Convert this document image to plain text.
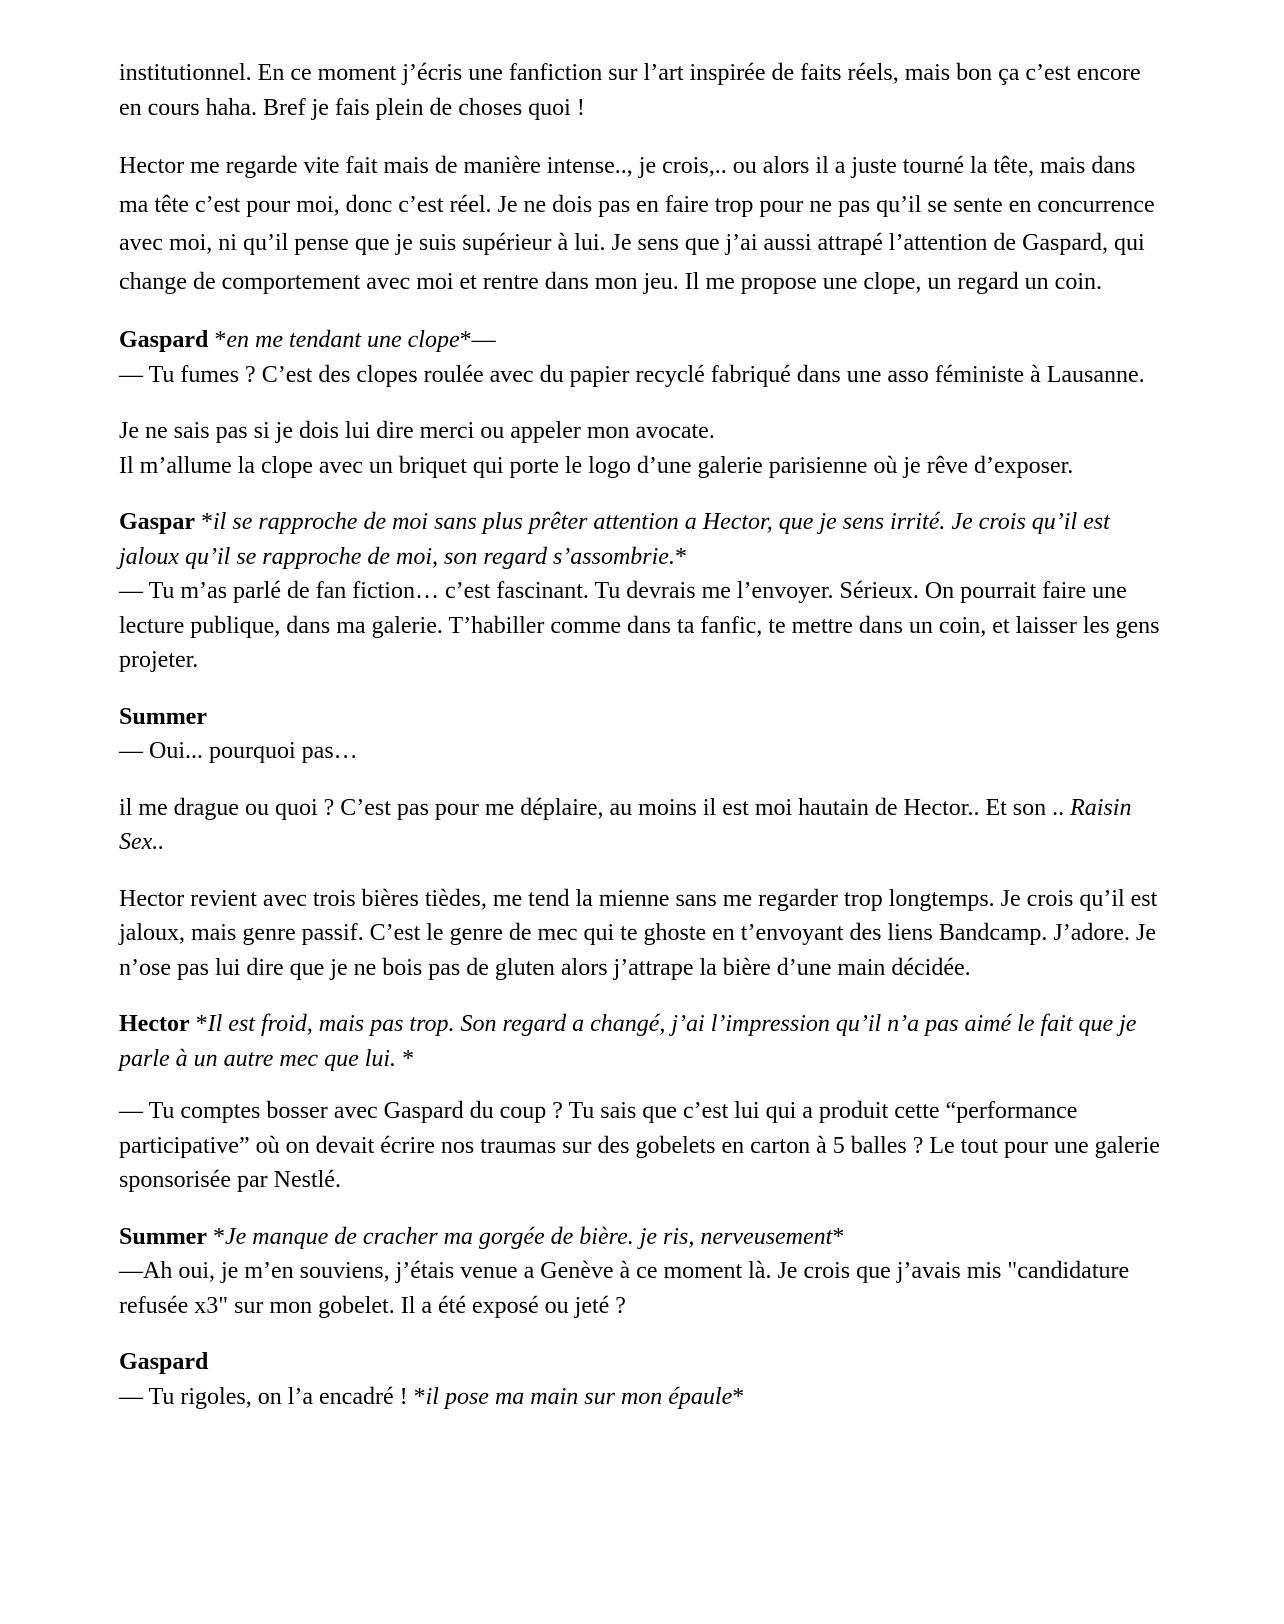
institutionnel. En ce moment j’écris une fanfiction sur l’art inspirée de faits réels, mais bon ça c’est encore en cours haha. Bref je fais plein de choses quoi !

Hector me regarde vite fait mais de manière intense.., je crois,.. ou alors il a juste tourné la tête, mais dans ma tête c’est pour moi, donc c’est réel. Je ne dois pas en faire trop pour ne pas qu’il se sente en concurrence avec moi, ni qu’il pense que je suis supérieur à lui. Je sens que j’ai aussi attrapé l’attention de Gaspard, qui change de comportement avec moi et rentre dans mon jeu. Il me propose une clope, un regard un coin.

Gaspard *en me tendant une clope*—

— Tu fumes ? C’est des clopes roulée avec du papier recyclé fabriqué dans une asso féministe à Lausanne.

Je ne sais pas si je dois lui dire merci ou appeler mon avocate.

Il m’allume la clope avec un briquet qui porte le logo d’une galerie parisienne où je rêve d’exposer.

Gaspar *il se rapproche de moi sans plus prêter attention a Hector, que je sens irrité. Je crois qu’il est jaloux qu’il se rapproche de moi, son regard s’assombrie.*

— Tu m’as parlé de fan fiction… c’est fascinant. Tu devrais me l’envoyer. Sérieux. On pourrait faire une lecture publique, dans ma galerie. T’habiller comme dans ta fanfic, te mettre dans un coin, et laisser les gens projeter.

Summer

— Oui... pourquoi pas…

il me drague ou quoi ? C’est pas pour me déplaire, au moins il est moi hautain de Hector.. Et son .. Raisin Sex..

Hector revient avec trois bières tièdes, me tend la mienne sans me regarder trop longtemps. Je crois qu’il est jaloux, mais genre passif. C’est le genre de mec qui te ghoste en t’envoyant des liens Bandcamp. J’adore. Je n’ose pas lui dire que je ne bois pas de gluten alors j’attrape la bière d’une main décidée.

Hector *Il est froid, mais pas trop. Son regard a changé, j’ai l’impression qu’il n’a pas aimé le fait que je parle à un autre mec que lui. *

— Tu comptes bosser avec Gaspard du coup ? Tu sais que c’est lui qui a produit cette “performance participative” où on devait écrire nos traumas sur des gobelets en carton à 5 balles ? Le tout pour une galerie sponsorisée par Nestlé.

Summer *Je manque de cracher ma gorgée de bière. je ris, nerveusement*

—Ah oui, je m’en souviens, j’étais venue a Genève à ce moment là. Je crois que j’avais mis "candidature refusée x3" sur mon gobelet. Il a été exposé ou jeté ?

Gaspard

— Tu rigoles, on l’a encadré ! *il pose ma main sur mon épaule*
